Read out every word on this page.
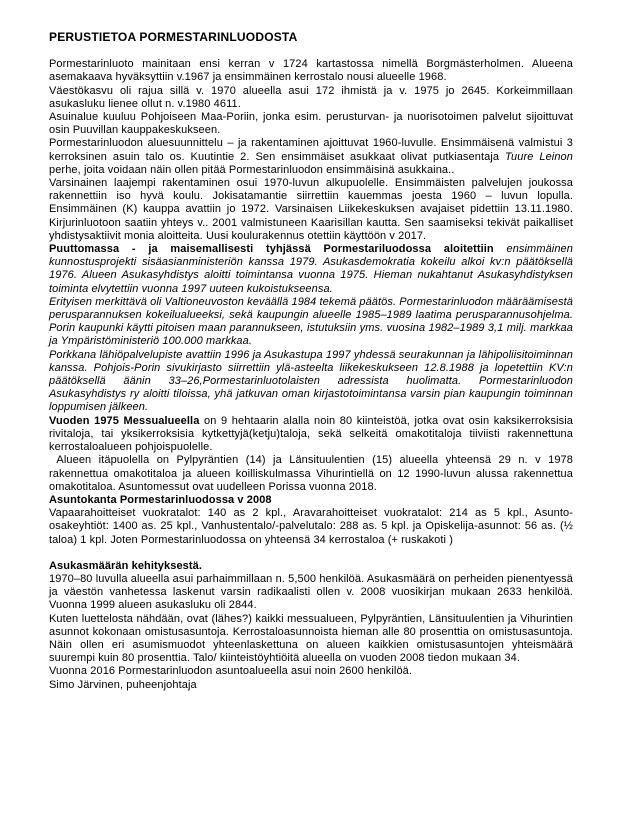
PERUSTIETOA PORMESTARINLUODOSTA

Pormestarinluoto mainitaan ensi kerran v 1724 kartastossa nimellä Borgmästerholmen. Alueena asemakaava hyväksyttiin v.1967 ja ensimmäinen kerrostalo nousi alueelle 1968.

Väestökasvu oli rajua sillä v. 1970 alueella asui 172 ihmistä ja v. 1975 jo 2645. Korkeimmillaan asukasluku lienee ollut n. v.1980 4611.

Asuinalue kuuluu Pohjoiseen Maa-Poriin, jonka esim. perusturvan- ja nuorisotoimen palvelut sijoittuvat osin Puuvillan kauppakeskukseen.

Pormestarinluodon aluesuunnittelu – ja rakentaminen ajoittuvat 1960-luvulle. Ensimmäisenä valmistui 3 kerroksinen asuin talo os. Kuutintie 2. Sen ensimmäiset asukkaat olivat putkiasentaja Tuure Leinon perhe, joita voidaan näin ollen pitää Pormestarinluodon ensimmäisinä asukkaina..

Varsinainen laajempi rakentaminen osui 1970-luvun alkupuolelle. Ensimmäisten palvelujen joukossa rakennettiin iso hyvä koulu. Jokisatamantie siirrettiin kauemmas joesta 1960 – luvun lopulla. Ensimmäinen (K) kauppa avattiin jo 1972. Varsinaisen Liikekeskuksen avajaiset pidettiin 13.11.1980. Kirjurinluotoon saatiin yhteys v.. 2001 valmistuneen Kaarisillan kautta. Sen saamiseksi tekivät paikalliset yhdistysaktiivit monia aloitteita. Uusi koulurakennus otettiin käyttöön v 2017.

Puuttomassa - ja maisemallisesti tyhjässä Pormestariluodossa aloitettiin ensimmäinen kunnostusprojekti sisäasianministeriön kanssa 1979. Asukasdemokratia kokeilu alkoi kv:n päätöksellä 1976. Alueen Asukasyhdistys aloitti toimintansa vuonna 1975. Hieman nukahtanut Asukasyhdistyksen toiminta elvytettiin vuonna 1997 uuteen kukoistukseensa.

Erityisen merkittävä oli Valtioneuvoston keväällä 1984 tekemä päätös. Pormestarinluodon määräämisestä perusparannuksen kokeilualueeksi, sekä kaupungin alueelle 1985–1989 laatima perusparannusohjelma. Porin kaupunki käytti pitoisen maan parannukseen, istutuksiin yms. vuosina 1982–1989 3,1 milj. markkaa ja Ympäristöministeriö 100.000 markkaa.

Porkkana lähiöpalvelupiste avattiin 1996 ja Asukastupa 1997 yhdessä seurakunnan ja lähipoliisitoiminnan kanssa. Pohjois-Porin sivukirjasto siirrettiin ylä-asteelta liikekeskukseen 12.8.1988 ja lopetettiin KV:n päätöksellä äänin 33–26,Pormestarinluotolaisten adressista huolimatta. Pormestarinluodon Asukasyhdistys ry aloitti tiloissa, yhä jatkuvan oman kirjastotoimintansa varsin pian kaupungin toiminnan loppumisen jälkeen.

Vuoden 1975 Messualueella on 9 hehtaarin alalla noin 80 kiinteistöä, jotka ovat osin kaksikerroksisia rivitaloja, tai yksikerroksisia kytkettyjä(ketju)taloja, sekä selkeitä omakotitaloja tiiviisti rakennettuna kerrostaloalueen pohjoispuolelle.

Alueen itäpuolella on Pylpyräntien (14) ja Länsituulentien (15) alueella yhteensä 29 n. v 1978 rakennettua omakotitaloa ja alueen koilliskulmassa Vihurintiellä on 12 1990-luvun alussa rakennettua omakotitaloa. Asuntomessut ovat uudelleen Porissa vuonna 2018.

Asuntokanta Pormestarinluodossa v 2008

Vapaarahoitteiset vuokratalot: 140 as 2 kpl., Aravarahoitteiset vuokratalot: 214 as 5 kpl., Asunto-osakeyhtiöt: 1400 as. 25 kpl., Vanhustentalo/-palvelutalo: 288 as. 5 kpl. ja Opiskelija-asunnot: 56 as. (½ taloa) 1 kpl. Joten Pormestarinluodossa on yhteensä 34 kerrostaloa (+ ruskakoti )

Asukasmäärän kehityksestä.

1970–80 luvulla alueella asui parhaimmillaan n. 5,500 henkilöä. Asukasmäärä on perheiden pienentyessä ja väestön vanhetessa laskenut varsin radikaalisti ollen v. 2008 vuosikirjan mukaan 2633 henkilöä. Vuonna 1999 alueen asukasluku oli 2844.

Kuten luettelosta nähdään, ovat (lähes?) kaikki messualueen, Pylpyräntien, Länsituulentien ja Vihurintien asunnot kokonaan omistusasuntoja. Kerrostaloasunnoista hieman alle 80 prosenttia on omistusasuntoja. Näin ollen eri asumismuodot yhteenlaskettuna on alueen kaikkien omistusasuntojen yhteismäärä suurempi kuin 80 prosenttia. Talo/ kiinteistöyhtiöitä alueella on vuoden 2008 tiedon mukaan 34.

Vuonna 2016 Pormestarinluodon asuntoalueella asui noin 2600 henkilöä.

Simo Järvinen, puheenjohtaja
